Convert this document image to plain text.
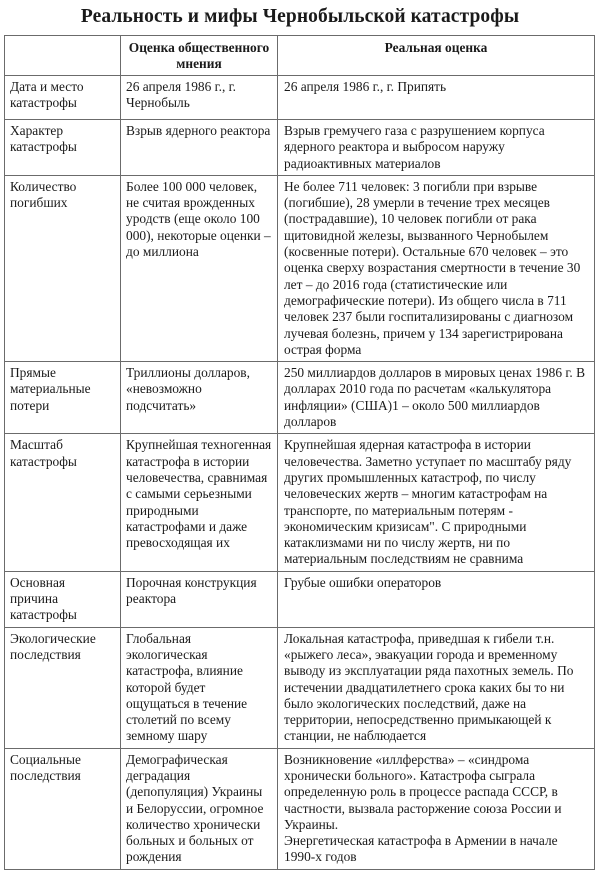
Реальность и мифы Чернобыльской катастрофы
	Оценка общественного мнения	Реальная оценка
Дата и место катастрофы	26 апреля 1986 г., г. Чернобыль	26 апреля 1986 г., г. Припять

Характер катастрофы	Взрыв ядерного реактора	Взрыв гремучего газа с разрушением корпуса ядерного реактора и выбросом наружу радиоактивных материалов

Количество погибших	Более 100 000 человек, не считая врожденных уродств (еще около 100 000), некоторые оценки – до миллиона	Не более 711 человек: 3 погибли при взрыве (погибшие), 28 умерли в течение трех месяцев (пострадавшие), 10 человек погибли от рака щитовидной железы, вызванного Чернобылем (косвенные потери). Остальные 670 человек – это оценка сверху возрастания смертности в течение 30 лет – до 2016 года (статистические или демографические потери). Из общего числа в 711 человек 237 были госпитализированы с диагнозом лучевая болезнь, причем у 134 зарегистрирована острая форма

Прямые материальные потери	Триллионы долларов, «невозможно подсчитать»	250 миллиардов долларов в мировых ценах 1986 г. В долларах 2010 года по расчетам «калькулятора инфляции» (США)1 – около 500 миллиардов долларов

Масштаб катастрофы	Крупнейшая техногенная катастрофа в истории человечества, сравнимая с самыми серьезными природными катастрофами и даже превосходящая их	Крупнейшая ядерная катастрофа в истории человечества. Заметно уступает по масштабу ряду других промышленных катастроф, по числу человеческих жертв – многим катастрофам на транспорте, по материальным потерям - экономическим кризисам". С природными катаклизмами ни по числу жертв, ни по материальным последствиям не сравнима

Основная причина катастрофы	Порочная конструкция реактора	Грубые ошибки операторов

Экологические последствия	Глобальная экологическая катастрофа, влияние которой будет ощущаться в течение столетий по всему земному шару	Локальная катастрофа, приведшая к гибели т.н. «рыжего леса», эвакуации города и временному выводу из эксплуатации ряда пахотных земель. По истечении двадцатилетнего срока каких бы то ни было экологических последствий, даже на территории, непосредственно примыкающей к станции, не наблюдается

Социальные последствия	Демографическая деградация (депопуляция) Украины и Белоруссии, огромное количество хронически больных и больных от рождения	Возникновение «иллферства» – «синдрома хронически больного». Катастрофа сыграла определенную роль в процессе распада СССР, в частности, вызвала расторжение союза России и Украины.
Энергетическая катастрофа в Армении в начале 1990-х годов
